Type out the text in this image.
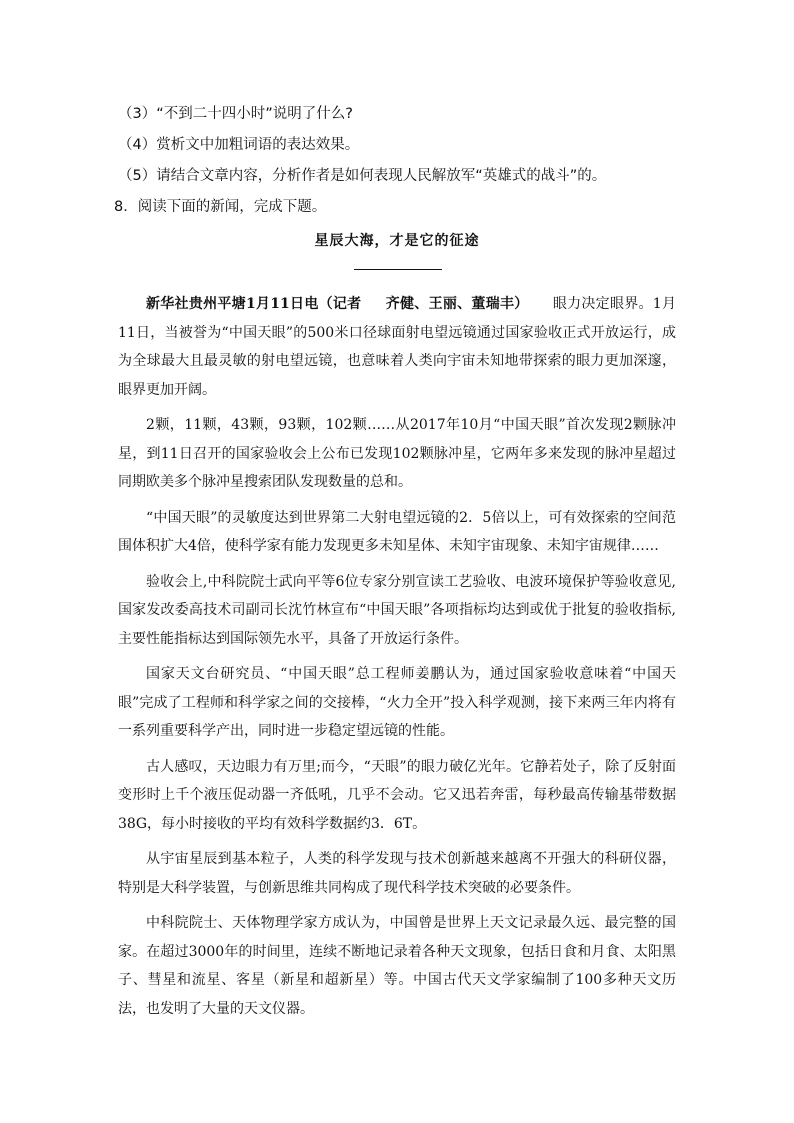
（3）“不到二十四小时”说明了什么?
（4）赏析文中加粗词语的表达效果。
（5）请结合文章内容，分析作者是如何表现人民解放军“英雄式的战斗”的。
8．阅读下面的新闻，完成下题。
星辰大海，才是它的征途

新华社贵州平塘1月11日电（记者 齐健、王丽、董瑞丰） 眼力决定眼界。1月11日，当被誉为“中国天眼”的500米口径球面射电望远镜通过国家验收正式开放运行，成为全球最大且最灵敏的射电望远镜，也意味着人类向宇宙未知地带探索的眼力更加深邃，眼界更加开阔。

2颗，11颗，43颗，93颗，102颗……从2017年10月“中国天眼”首次发现2颗脉冲星，到11日召开的国家验收会上公布已发现102颗脉冲星，它两年多来发现的脉冲星超过同期欧美多个脉冲星搜索团队发现数量的总和。

“中国天眼”的灵敏度达到世界第二大射电望远镜的2．5倍以上，可有效探索的空间范围体积扩大4倍，使科学家有能力发现更多未知星体、未知宇宙现象、未知宇宙规律……

验收会上,中科院院士武向平等6位专家分别宣读工艺验收、电波环境保护等验收意见,国家发改委高技术司副司长沈竹林宣布“中国天眼”各项指标均达到或优于批复的验收指标,主要性能指标达到国际领先水平，具备了开放运行条件。

国家天文台研究员、“中国天眼”总工程师姜鹏认为，通过国家验收意味着“中国天眼”完成了工程师和科学家之间的交接棒，“火力全开”投入科学观测，接下来两三年内将有一系列重要科学产出，同时进一步稳定望远镜的性能。

古人感叹，天边眼力有万里;而今，“天眼”的眼力破亿光年。它静若处子，除了反射面变形时上千个液压促动器一齐低吼，几乎不会动。它又迅若奔雷，每秒最高传输基带数据38G，每小时接收的平均有效科学数据约3．6T。

从宇宙星辰到基本粒子，人类的科学发现与技术创新越来越离不开强大的科研仪器，特别是大科学装置，与创新思维共同构成了现代科学技术突破的必要条件。

中科院院士、天体物理学家方成认为，中国曾是世界上天文记录最久远、最完整的国家。在超过3000年的时间里，连续不断地记录着各种天文现象，包括日食和月食、太阳黑子、彗星和流星、客星（新星和超新星）等。中国古代天文学家编制了100多种天文历法，也发明了大量的天文仪器。
